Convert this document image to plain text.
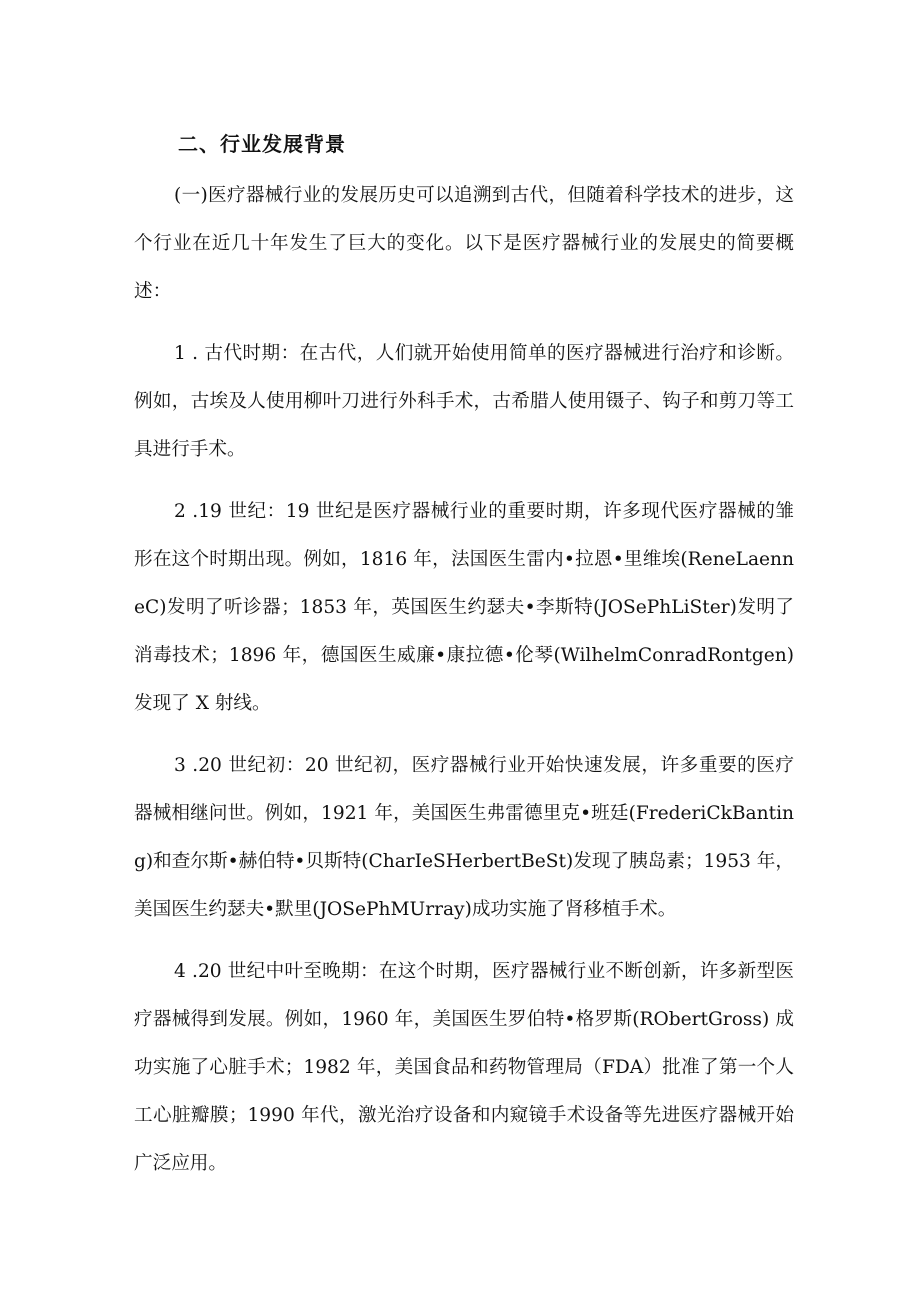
二、行业发展背景

(一)医疗器械行业的发展历史可以追溯到古代，但随着科学技术的进步，这个行业在近几十年发生了巨大的变化。以下是医疗器械行业的发展史的简要概述：

1 . 古代时期：在古代，人们就开始使用简单的医疗器械进行治疗和诊断。例如，古埃及人使用柳叶刀进行外科手术，古希腊人使用镊子、钩子和剪刀等工具进行手术。

2 .19 世纪：19 世纪是医疗器械行业的重要时期，许多现代医疗器械的雏形在这个时期出现。例如，1816 年，法国医生雷内•拉恩•里维埃(ReneLaenneC)发明了听诊器；1853 年，英国医生约瑟夫•李斯特(JOSePhLiSter)发明了消毒技术；1896 年，德国医生威廉•康拉德•伦琴(WilhelmConradRontgen)发现了 X 射线。

3 .20 世纪初：20 世纪初，医疗器械行业开始快速发展，许多重要的医疗器械相继问世。例如，1921 年，美国医生弗雷德里克•班廷(FrederiCkBanting)和查尔斯•赫伯特•贝斯特(CharIeSHerbertBeSt)发现了胰岛素；1953 年，美国医生约瑟夫•默里(JOSePhMUrray)成功实施了肾移植手术。

4 .20 世纪中叶至晚期：在这个时期，医疗器械行业不断创新，许多新型医疗器械得到发展。例如，1960 年，美国医生罗伯特•格罗斯(RObertGross) 成功实施了心脏手术；1982 年，美国食品和药物管理局（FDA）批准了第一个人工心脏瓣膜；1990 年代，激光治疗设备和内窥镜手术设备等先进医疗器械开始广泛应用。
